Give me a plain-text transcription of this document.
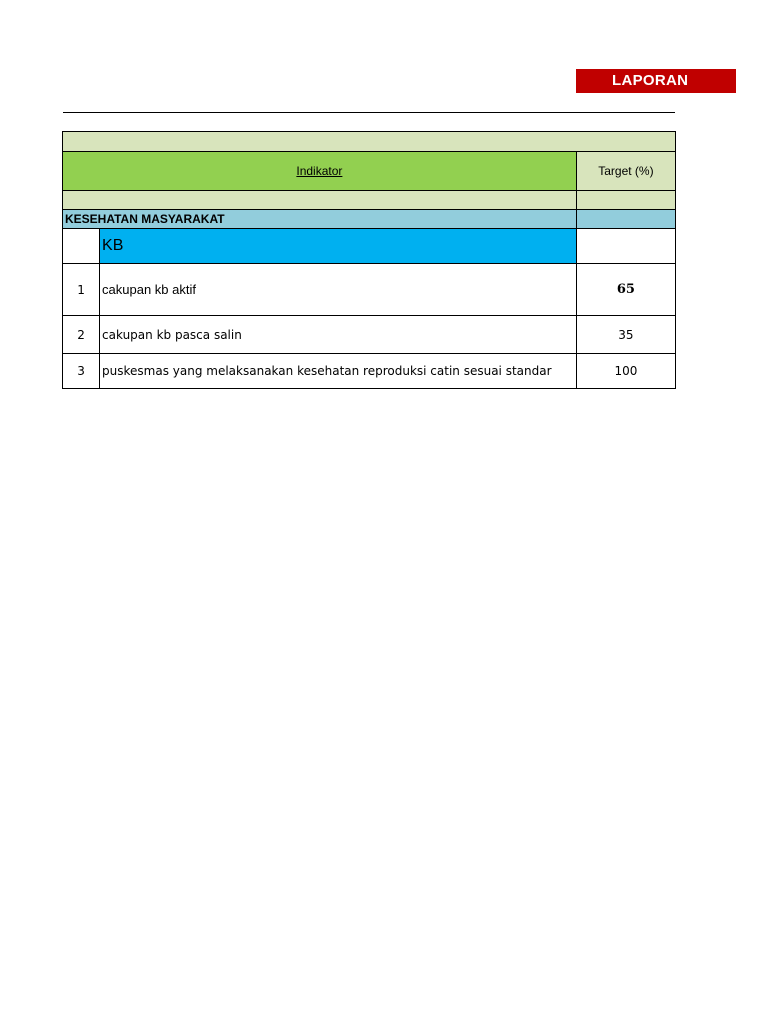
LAPORAN

Indikator		Target (%)

KESEHATAN MASYARAKAT		
	KB	
1	cakupan kb aktif	65
2	cakupan kb pasca salin	35
3	puskesmas yang melaksanakan kesehatan reproduksi catin sesuai standar	100
